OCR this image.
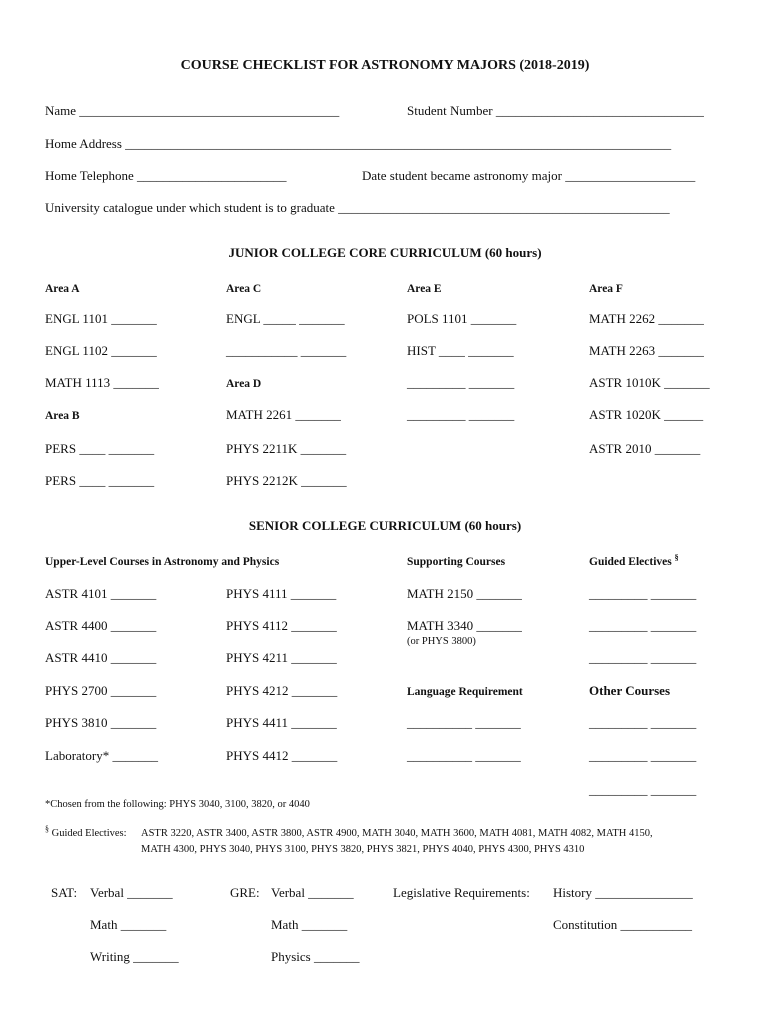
COURSE CHECKLIST FOR ASTRONOMY MAJORS (2018-2019)
Name ________________________________________	Student Number ________________________________
Home Address ____________________________________________________________________________________
Home Telephone _______________________	Date student became astronomy major ____________________
University catalogue under which student is to graduate ___________________________________________________
JUNIOR COLLEGE CORE CURRICULUM (60 hours)
Area A
ENGL 1101 _______
ENGL 1102 _______
MATH 1113 _______
Area B
PERS ____ _______
PERS ____ _______
Area C
ENGL _____ _______
___________ _______
Area D
MATH 2261 _______
PHYS 2211K _______
PHYS 2212K _______
Area E
POLS 1101 _______
HIST ____ _______
_________ _______
_________ _______
Area F
MATH 2262 _______
MATH 2263 _______
ASTR 1010K _______
ASTR 1020K ______
ASTR 2010 _______
SENIOR COLLEGE CURRICULUM (60 hours)
Upper-Level Courses in Astronomy and Physics	Supporting Courses	Guided Electives §
ASTR 4101 _______
ASTR 4400 _______
ASTR 4410 _______
PHYS 2700 _______
PHYS 3810 _______
Laboratory* _______
PHYS 4111 _______
PHYS 4112 _______
PHYS 4211 _______
PHYS 4212 _______
PHYS 4411 _______
PHYS 4412 _______
MATH 2150 _______
MATH 3340 _______
(or PHYS 3800)
Language Requirement
__________ _______
__________ _______
_________ _______
_________ _______
_________ _______
Other Courses
_________ _______
_________ _______
_________ _______
*Chosen from the following: PHYS 3040, 3100, 3820, or 4040
§ Guided Electives: ASTR 3220, ASTR 3400, ASTR 3800, ASTR 4900, MATH 3040, MATH 3600, MATH 4081, MATH 4082, MATH 4150,
MATH 4300, PHYS 3040, PHYS 3100, PHYS 3820, PHYS 3821, PHYS 4040, PHYS 4300, PHYS 4310
SAT: Verbal _______
Math _______
Writing _______
GRE: Verbal _______
Math _______
Physics _______
Legislative Requirements: History _______________
Constitution ___________
